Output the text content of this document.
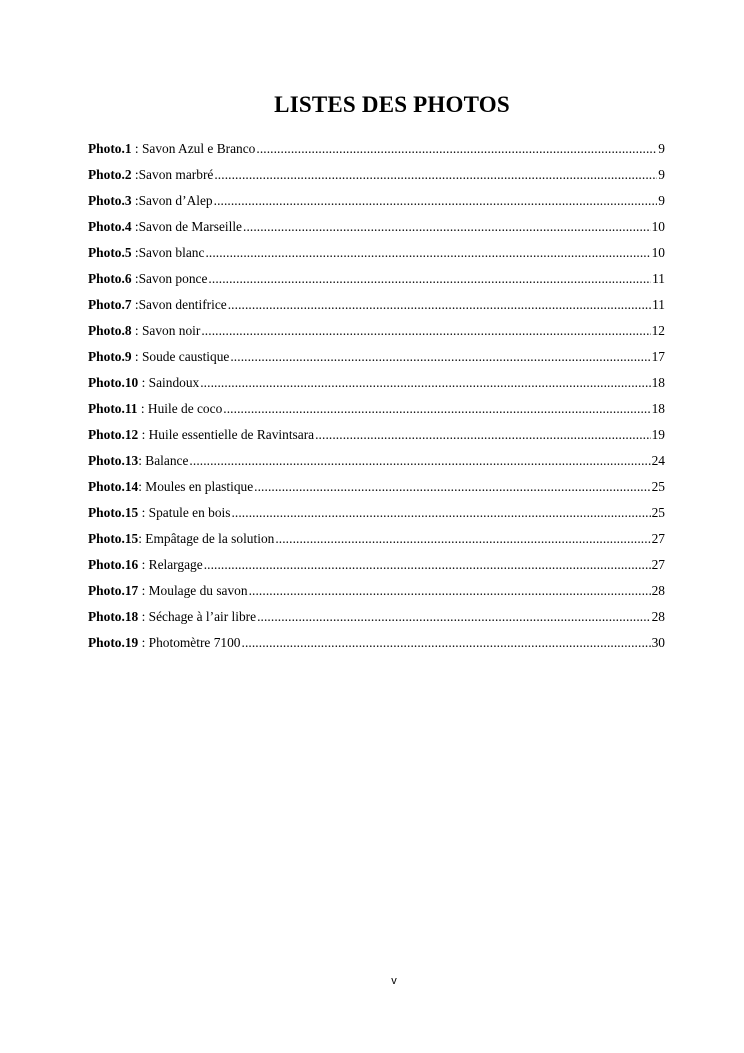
LISTES DES PHOTOS
Photo.1 : Savon Azul e Branco .....	9
Photo.2 : Savon marbré .....	9
Photo.3 : Savon d’Alep .....	9
Photo.4 : Savon de Marseille .....	10
Photo.5 : Savon blanc .....	10
Photo.6 : Savon ponce .....	11
Photo.7 : Savon dentifrice .....	11
Photo.8 : Savon noir .....	12
Photo.9 : Soude caustique .....	17
Photo.10 : Saindoux .....	18
Photo.11 : Huile de coco .....	18
Photo.12 : Huile essentielle de Ravintsara .....	19
Photo.13 : Balance .....	24
Photo.14 : Moules en plastique .....	25
Photo.15 : Spatule en bois .....	25
Photo.15 : Empâtage de la solution .....	27
Photo.16 : Relargage .....	27
Photo.17 : Moulage du savon .....	28
Photo.18 : Séchage à l’air libre .....	28
Photo.19 : Photomètre 7100 .....	30
v
